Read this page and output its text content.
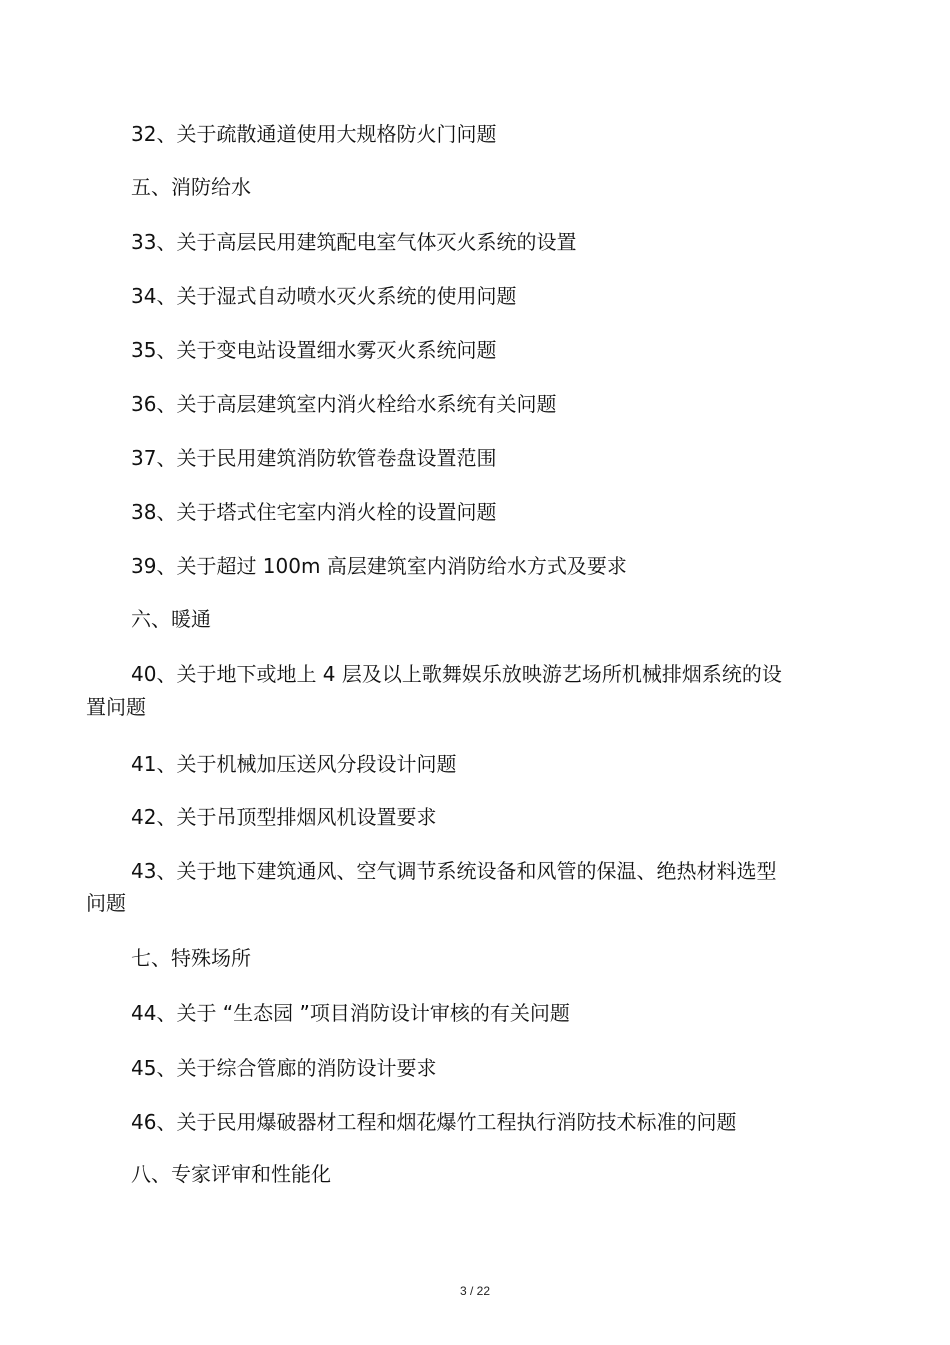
32、关于疏散通道使用大规格防火门问题
五、消防给水
33、关于高层民用建筑配电室气体灭火系统的设置
34、关于湿式自动喷水灭火系统的使用问题
35、关于变电站设置细水雾灭火系统问题
36、关于高层建筑室内消火栓给水系统有关问题
37、关于民用建筑消防软管卷盘设置范围
38、关于塔式住宅室内消火栓的设置问题
39、关于超过 100m 高层建筑室内消防给水方式及要求
六、暖通
40、关于地下或地上 4 层及以上歌舞娱乐放映游艺场所机械排烟系统的设
置问题
41、关于机械加压送风分段设计问题
42、关于吊顶型排烟风机设置要求
43、关于地下建筑通风、空气调节系统设备和风管的保温、绝热材料选型
问题
七、特殊场所
44、关于 “生态园 ”项目消防设计审核的有关问题
45、关于综合管廊的消防设计要求
46、关于民用爆破器材工程和烟花爆竹工程执行消防技术标准的问题
八、专家评审和性能化
3 / 22
